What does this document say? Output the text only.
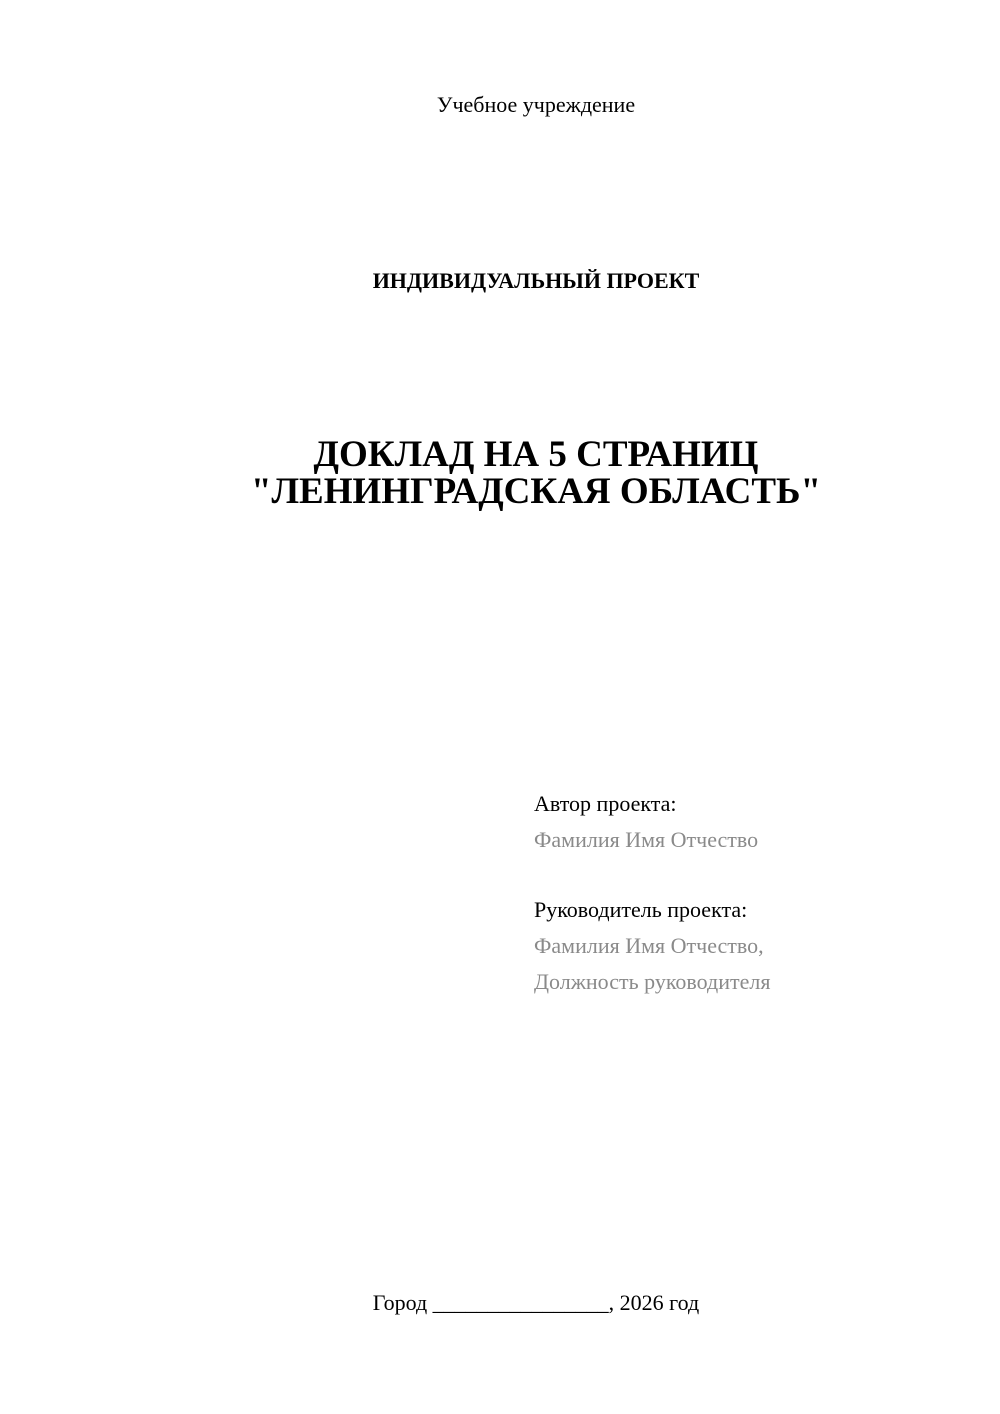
Учебное учреждение
ИНДИВИДУАЛЬНЫЙ ПРОЕКТ
ДОКЛАД НА 5 СТРАНИЦ
"ЛЕНИНГРАДСКАЯ ОБЛАСТЬ"
Автор проекта:
Фамилия Имя Отчество
Руководитель проекта:
Фамилия Имя Отчество,
Должность руководителя
Город ________________, 2026 год
